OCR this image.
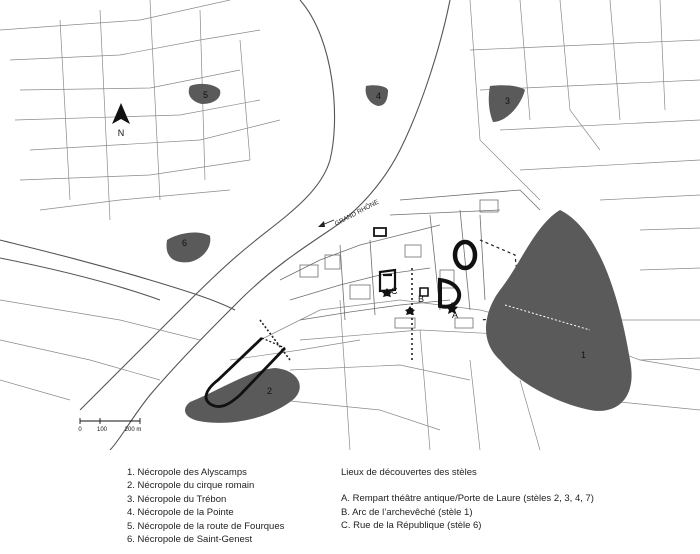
N
GRAND RHÔNE
A
B
C
1
2
3
4
5
6
0	100	200 m
1. Nécropole des Alyscamps
2. Nécropole du cirque romain
3. Nécropole du Trébon
4. Nécropole de la Pointe
5. Nécropole de la route de Fourques
6. Nécropole de Saint-Genest
Lieux de découvertes des stèles
A. Rempart théâtre antique/Porte de Laure (stèles 2, 3, 4, 7)
B. Arc de l’archevêché (stèle 1)
C. Rue de la République (stèle 6)
